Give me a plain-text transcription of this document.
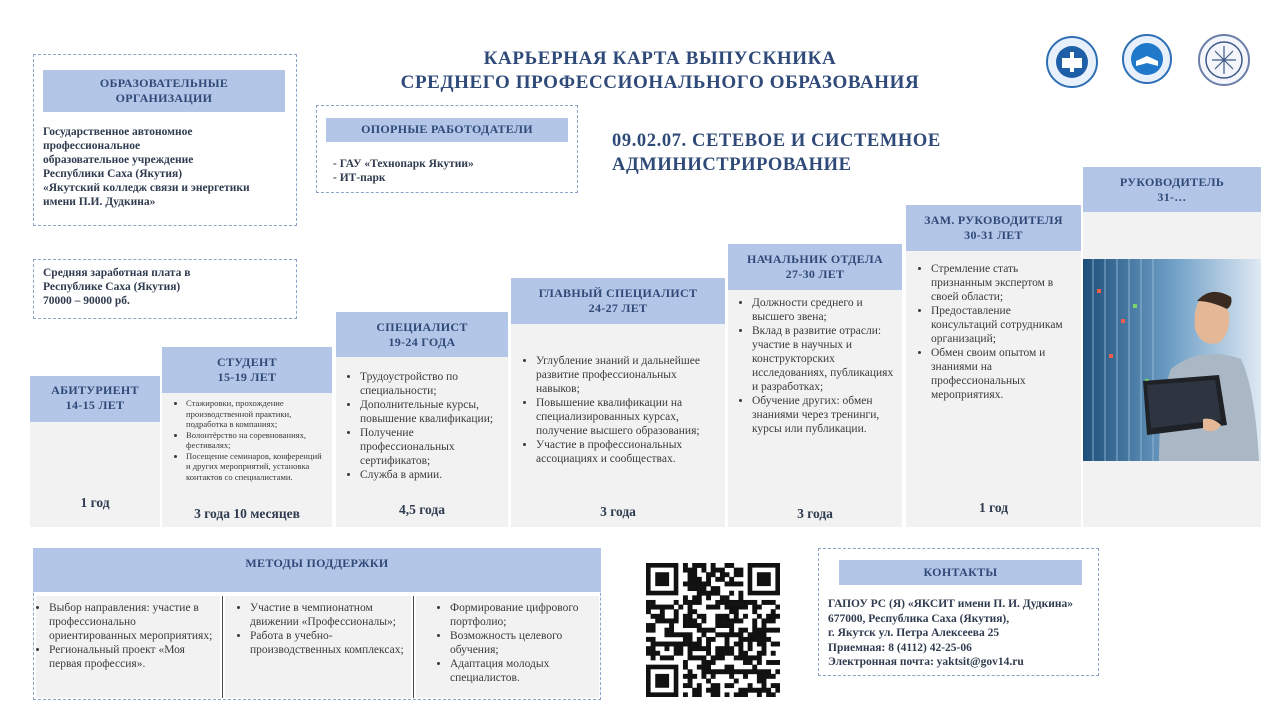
КАРЬЕРНАЯ КАРТА ВЫПУСКНИКА
СРЕДНЕГО ПРОФЕССИОНАЛЬНОГО ОБРАЗОВАНИЯ
ОБРАЗОВАТЕЛЬНЫЕ
ОРГАНИЗАЦИИ
Государственное автономное
профессиональное
образовательное учреждение
Республики Саха (Якутия)
«Якутский колледж связи и энергетики
имени П.И. Дудкина»
Средняя заработная плата в
Республике Саха (Якутия)
70000 – 90000 рб.
ОПОРНЫЕ РАБОТОДАТЕЛИ
- ГАУ «Технопарк Якутии»
- ИТ-парк
09.02.07. СЕТЕВОЕ И СИСТЕМНОЕ
АДМИНИСТРИРОВАНИЕ
АБИТУРИЕНТ
14-15 ЛЕТ
1 год
СТУДЕНТ
15-19 ЛЕТ
• Стажировки, прохождение производственной практики, подработка в компаниях;
• Волонтёрство на соревнованиях, фестивалях;
• Посещение семинаров, конференций и других мероприятий, установка контактов со специалистами.
3 года 10 месяцев
СПЕЦИАЛИСТ
19-24 ГОДА
• Трудоустройство по специальности;
• Дополнительные курсы, повышение квалификации;
• Получение профессиональных сертификатов;
• Служба в армии.
4,5 года
ГЛАВНЫЙ СПЕЦИАЛИСТ
24-27 ЛЕТ
• Углубление знаний и дальнейшее развитие профессиональных навыков;
• Повышение квалификации на специализированных курсах, получение высшего образования;
• Участие в профессиональных ассоциациях и сообществах.
3 года
НАЧАЛЬНИК ОТДЕЛА
27-30 ЛЕТ
• Должности среднего и высшего звена;
• Вклад в развитие отрасли: участие в научных и конструкторских исследованиях, публикациях и разработках;
• Обучение других: обмен знаниями через тренинги, курсы или публикации.
3 года
ЗАМ. РУКОВОДИТЕЛЯ
30-31 ЛЕТ
• Стремление стать признанным экспертом в своей области;
• Предоставление консультаций сотрудникам организаций;
• Обмен своим опытом и знаниями на профессиональных мероприятиях.
1 год
РУКОВОДИТЕЛЬ
31-…
МЕТОДЫ ПОДДЕРЖКИ
• Выбор направления: участие в профессионально ориентированных мероприятиях;
• Региональный проект «Моя первая профессия».
• Участие в чемпионатном движении «Профессионалы»;
• Работа в учебно-производственных комплексах;
• Формирование цифрового портфолио;
• Возможность целевого обучения;
• Адаптация молодых специалистов.
КОНТАКТЫ
ГАПОУ РС (Я) «ЯКСИТ имени П. И. Дудкина»
677000, Республика Саха (Якутия),
г. Якутск ул. Петра Алексеева 25
Приемная: 8 (4112) 42-25-06
Электронная почта: yaktsit@gov14.ru
